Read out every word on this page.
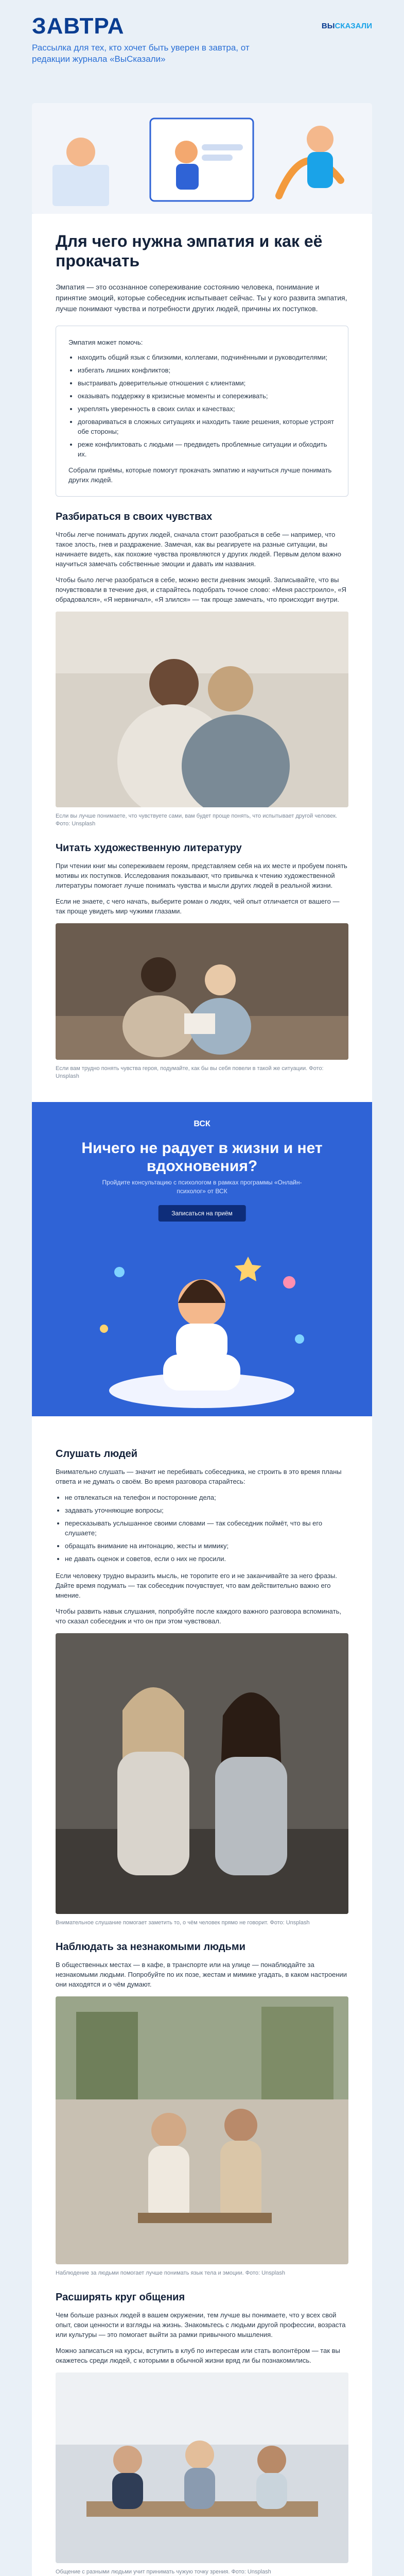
ЗАВТРА	ВЫСКАЗАЛИ
Рассылка для тех, кто хочет быть уверен в завтра, от редакции журнала «ВыСказали»
Для чего нужна эмпатия и как её прокачать
Эмпатия — это осознанное сопереживание состоянию человека, понимание и принятие эмоций, которые собеседник испытывает сейчас. Ты у кого развита эмпатия, лучше понимают чувства и потребности других людей, причины их поступков.

Эмпатия может помочь:

• находить общий язык с близкими, коллегами, подчинёнными и руководителями;
• избегать лишних конфликтов;
• выстраивать доверительные отношения с клиентами;
• оказывать поддержку в кризисные моменты и сопереживать;
• укреплять уверенность в своих силах и качествах;
• договариваться в сложных ситуациях и находить такие решения, которые устроят обе стороны;
• реже конфликтовать с людьми — предвидеть проблемные ситуации и обходить их.

Собрали приёмы, которые помогут прокачать эмпатию и научиться лучше понимать других людей.

Разбираться в своих чувствах
Чтобы легче понимать других людей, сначала стоит разобраться в себе — например, что такое злость, гнев и раздражение. Замечая, как вы реагируете на разные ситуации, вы начинаете видеть, как похожие чувства проявляются у других людей. Первым делом важно научиться замечать собственные эмоции и давать им названия.
Чтобы было легче разобраться в себе, можно вести дневник эмоций. Записывайте, что вы почувствовали в течение дня, и старайтесь подобрать точное слово: «Меня расстроило», «Я обрадовался», «Я нервничал», «Я злился» — так проще замечать, что происходит внутри.
Если вы лучше понимаете, что чувствуете сами, вам будет проще понять, что испытывает другой человек. Фото: Unsplash
Читать художественную литературу
При чтении книг мы сопереживаем героям, представляем себя на их месте и пробуем понять мотивы их поступков. Исследования показывают, что привычка к чтению художественной литературы помогает лучше понимать чувства и мысли других людей в реальной жизни.
Если не знаете, с чего начать, выберите роман о людях, чей опыт отличается от вашего — так проще увидеть мир чужими глазами.
Если вам трудно понять чувства героя, подумайте, как бы вы себя повели в такой же ситуации. Фото: Unsplash
ВСК
Ничего не радует в жизни и нет вдохновения?
Пройдите консультацию с психологом в рамках программы «Онлайн-психолог» от ВСК
Записаться на приём
Слушать людей
Внимательно слушать — значит не перебивать собеседника, не строить в это время планы ответа и не думать о своём. Во время разговора старайтесь:
• не отвлекаться на телефон и посторонние дела;
• задавать уточняющие вопросы;
• пересказывать услышанное своими словами — так собеседник поймёт, что вы его слушаете;
• обращать внимание на интонацию, жесты и мимику;
• не давать оценок и советов, если о них не просили.
Если человеку трудно выразить мысль, не торопите его и не заканчивайте за него фразы. Дайте время подумать — так собеседник почувствует, что вам действительно важно его мнение.
Чтобы развить навык слушания, попробуйте после каждого важного разговора вспоминать, что сказал собеседник и что он при этом чувствовал.
Внимательное слушание помогает заметить то, о чём человек прямо не говорит. Фото: Unsplash
Наблюдать за незнакомыми людьми
В общественных местах — в кафе, в транспорте или на улице — понаблюдайте за незнакомыми людьми. Попробуйте по их позе, жестам и мимике угадать, в каком настроении они находятся и о чём думают.
Наблюдение за людьми помогает лучше понимать язык тела и эмоции. Фото: Unsplash
Расширять круг общения
Чем больше разных людей в вашем окружении, тем лучше вы понимаете, что у всех свой опыт, свои ценности и взгляды на жизнь. Знакомьтесь с людьми другой профессии, возраста или культуры — это помогает выйти за рамки привычного мышления.
Можно записаться на курсы, вступить в клуб по интересам или стать волонтёром — так вы окажетесь среди людей, с которыми в обычной жизни вряд ли бы познакомились.
Общение с разными людьми учит принимать чужую точку зрения. Фото: Unsplash
